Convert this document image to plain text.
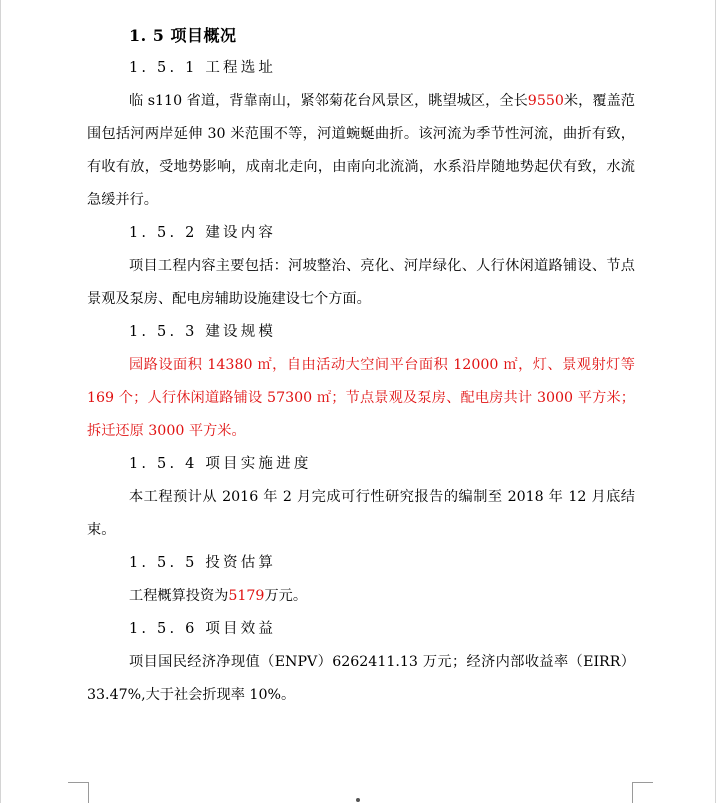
1. 5 项目概况
1. 5. 1 工程选址

临 s110 省道，背靠南山，紧邻菊花台风景区，眺望城区，全长9550米，覆盖范围包括河两岸延伸 30 米范围不等，河道蜿蜒曲折。该河流为季节性河流，曲折有致，有收有放，受地势影响，成南北走向，由南向北流淌，水系沿岸随地势起伏有致，水流急缓并行。

1. 5. 2 建设内容

项目工程内容主要包括：河坡整治、亮化、河岸绿化、人行休闲道路铺设、节点景观及泵房、配电房辅助设施建设七个方面。

1. 5. 3 建设规模

园路设面积 14380 ㎡，自由活动大空间平台面积 12000 ㎡，灯、景观射灯等 169 个；人行休闲道路铺设 57300 ㎡；节点景观及泵房、配电房共计 3000 平方米；拆迁还原 3000 平方米。

1. 5. 4 项目实施进度

本工程预计从 2016 年 2 月完成可行性研究报告的编制至 2018 年 12 月底结束。

1. 5. 5 投资估算

工程概算投资为5179万元。

1. 5. 6 项目效益

项目国民经济净现值（ENPV）6262411.13 万元；经济内部收益率（EIRR）33.47%,大于社会折现率 10%。
